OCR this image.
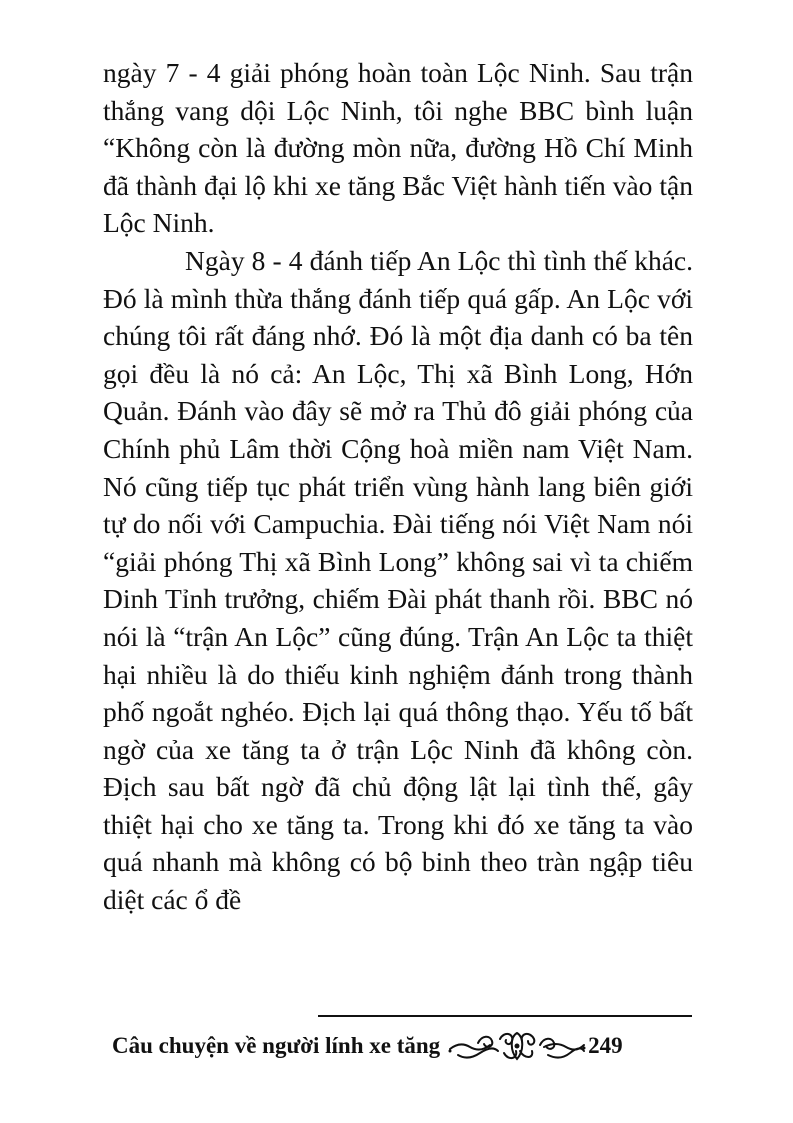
ngày 7 - 4 giải phóng hoàn toàn Lộc Ninh. Sau trận thắng vang dội Lộc Ninh, tôi nghe BBC bình luận “Không còn là đường mòn nữa, đường Hồ Chí Minh đã thành đại lộ khi xe tăng Bắc Việt hành tiến vào tận Lộc Ninh.

Ngày 8 - 4 đánh tiếp An Lộc thì tình thế khác. Đó là mình thừa thắng đánh tiếp quá gấp. An Lộc với chúng tôi rất đáng nhớ. Đó là một địa danh có ba tên gọi đều là nó cả: An Lộc, Thị xã Bình Long, Hớn Quản. Đánh vào đây sẽ mở ra Thủ đô giải phóng của Chính phủ Lâm thời Cộng hoà miền nam Việt Nam. Nó cũng tiếp tục phát triển vùng hành lang biên giới tự do nối với Campuchia. Đài tiếng nói Việt Nam nói “giải phóng Thị xã Bình Long” không sai vì ta chiếm Dinh Tỉnh trưởng, chiếm Đài phát thanh rồi. BBC nó nói là “trận An Lộc” cũng đúng. Trận An Lộc ta thiệt hại nhiều là do thiếu kinh nghiệm đánh trong thành phố ngoắt nghéo. Địch lại quá thông thạo. Yếu tố bất ngờ của xe tăng ta ở trận Lộc Ninh đã không còn. Địch sau bất ngờ đã chủ động lật lại tình thế, gây thiệt hại cho xe tăng ta. Trong khi đó xe tăng ta vào quá nhanh mà không có bộ binh theo tràn ngập tiêu diệt các ổ đề

Câu chuyện về người lính xe tăng	249
